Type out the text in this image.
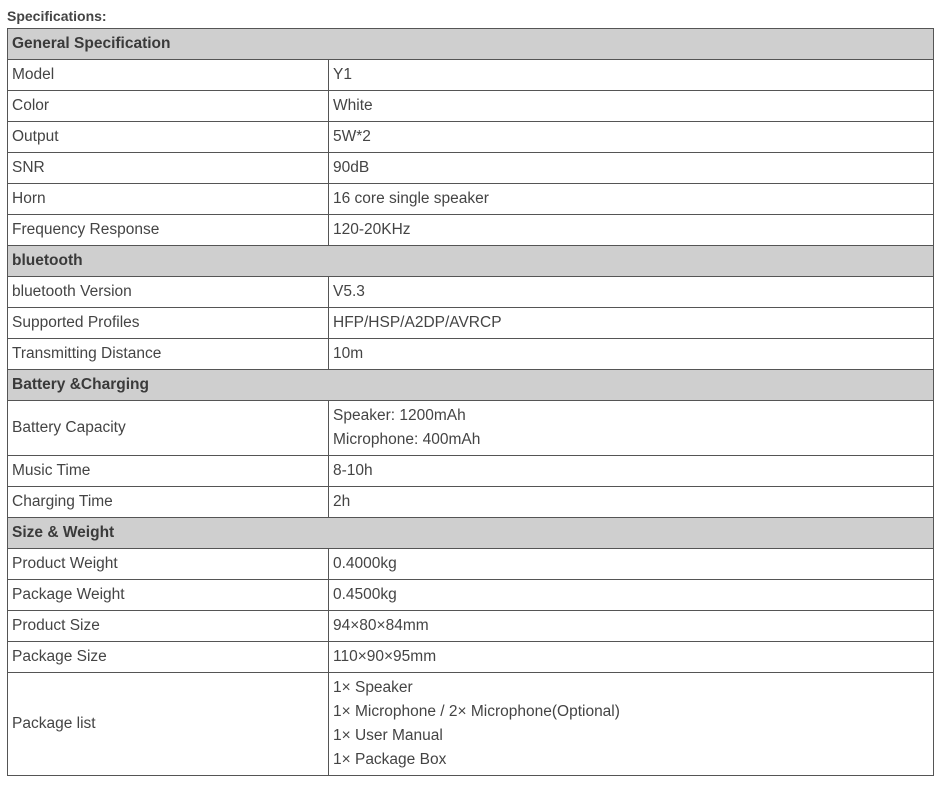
Specifications:
General Specification	
Model	Y1

Color	White

Output	5W*2

SNR	90dB

Horn	16 core single speaker

Frequency Response	120-20KHz

bluetooth	
bluetooth Version	V5.3

Supported Profiles	HFP/HSP/A2DP/AVRCP

Transmitting Distance	10m

Battery &Charging	
Battery Capacity	Speaker: 1200mAh
Microphone: 400mAh

Music Time	8-10h

Charging Time	2h

Size & Weight	
Product Weight	0.4000kg

Package Weight	0.4500kg

Product Size	94×80×84mm

Package Size	110×90×95mm

Package list	1× Speaker
1× Microphone / 2× Microphone(Optional)
1× User Manual
1× Package Box
